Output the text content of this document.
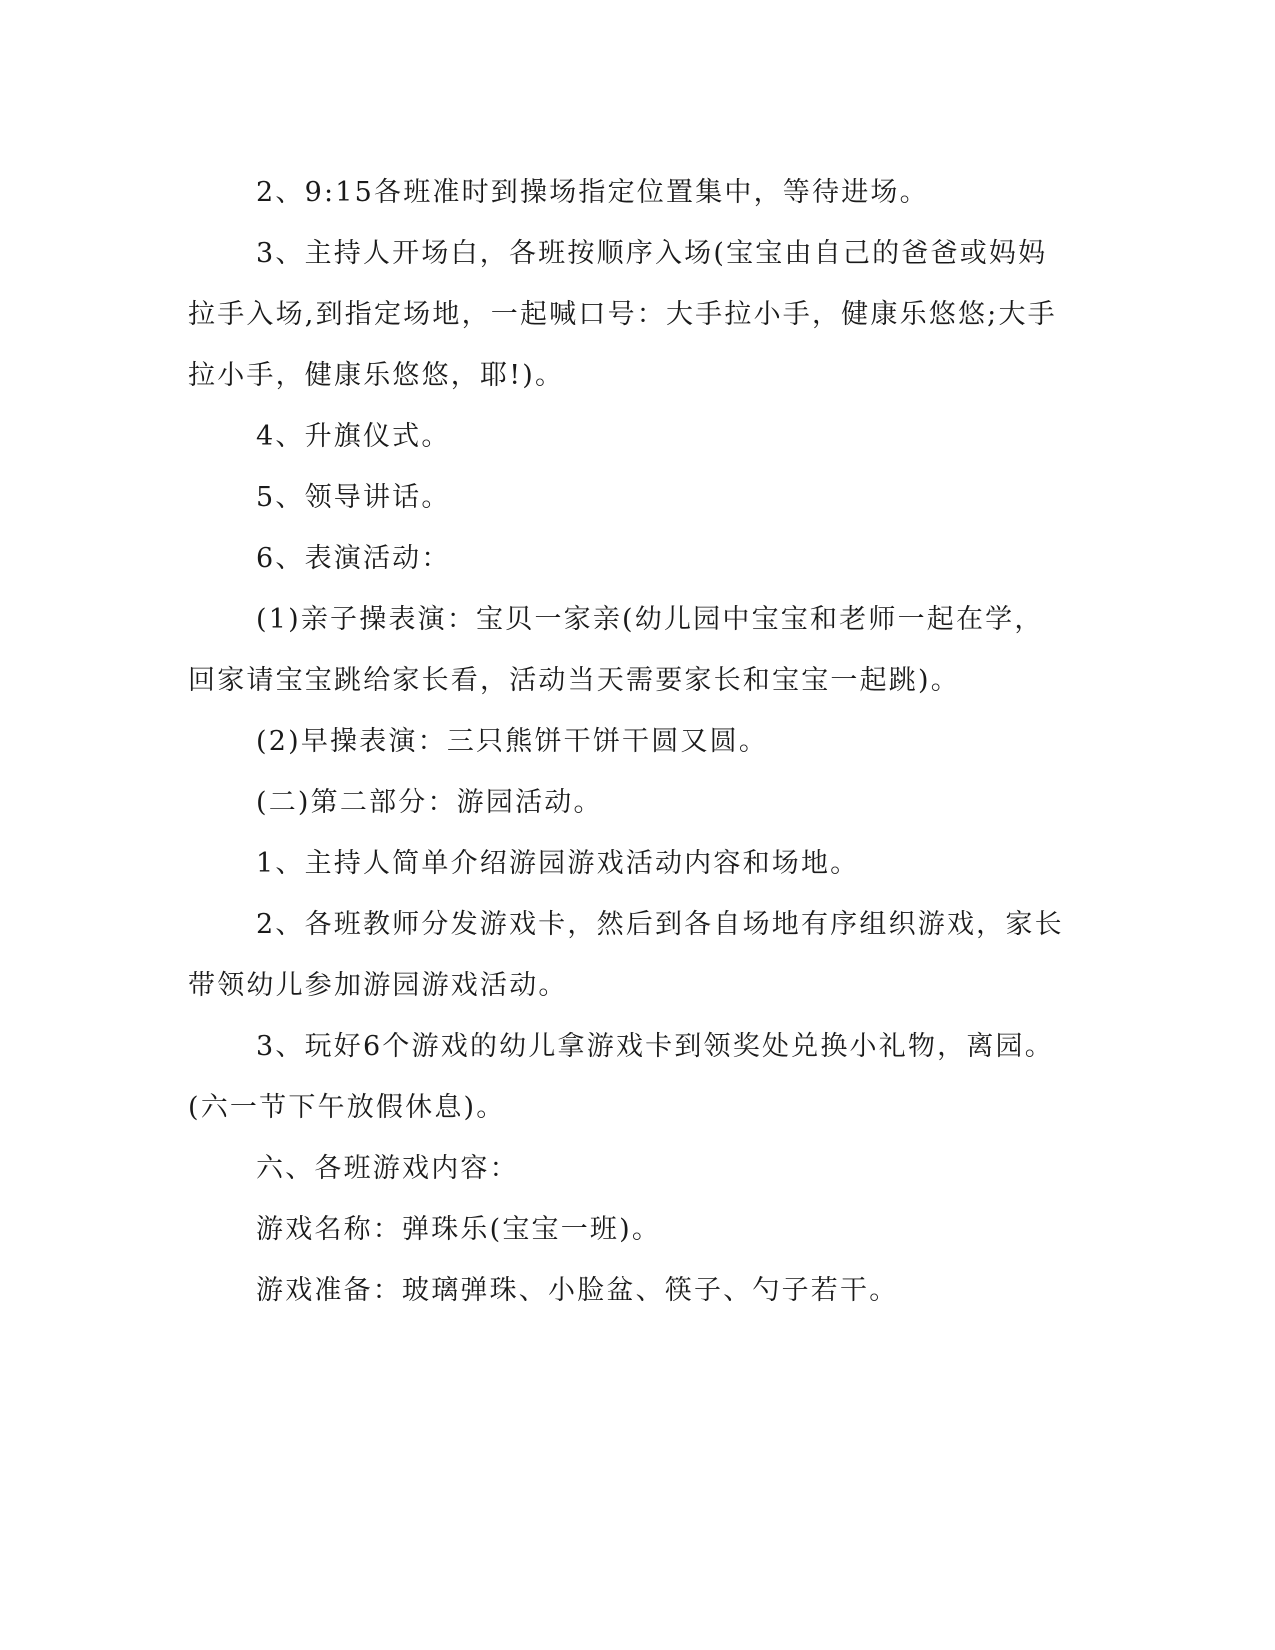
2、9:15各班准时到操场指定位置集中，等待进场。

3、主持人开场白，各班按顺序入场(宝宝由自己的爸爸或妈妈拉手入场,到指定场地，一起喊口号：大手拉小手，健康乐悠悠;大手拉小手，健康乐悠悠，耶!)。

4、升旗仪式。

5、领导讲话。

6、表演活动：

(1)亲子操表演：宝贝一家亲(幼儿园中宝宝和老师一起在学，回家请宝宝跳给家长看，活动当天需要家长和宝宝一起跳)。

(2)早操表演：三只熊饼干饼干圆又圆。

(二)第二部分：游园活动。

1、主持人简单介绍游园游戏活动内容和场地。

2、各班教师分发游戏卡，然后到各自场地有序组织游戏，家长带领幼儿参加游园游戏活动。

3、玩好6个游戏的幼儿拿游戏卡到领奖处兑换小礼物，离园。(六一节下午放假休息)。

六、各班游戏内容：

游戏名称：弹珠乐(宝宝一班)。

游戏准备：玻璃弹珠、小脸盆、筷子、勺子若干。
